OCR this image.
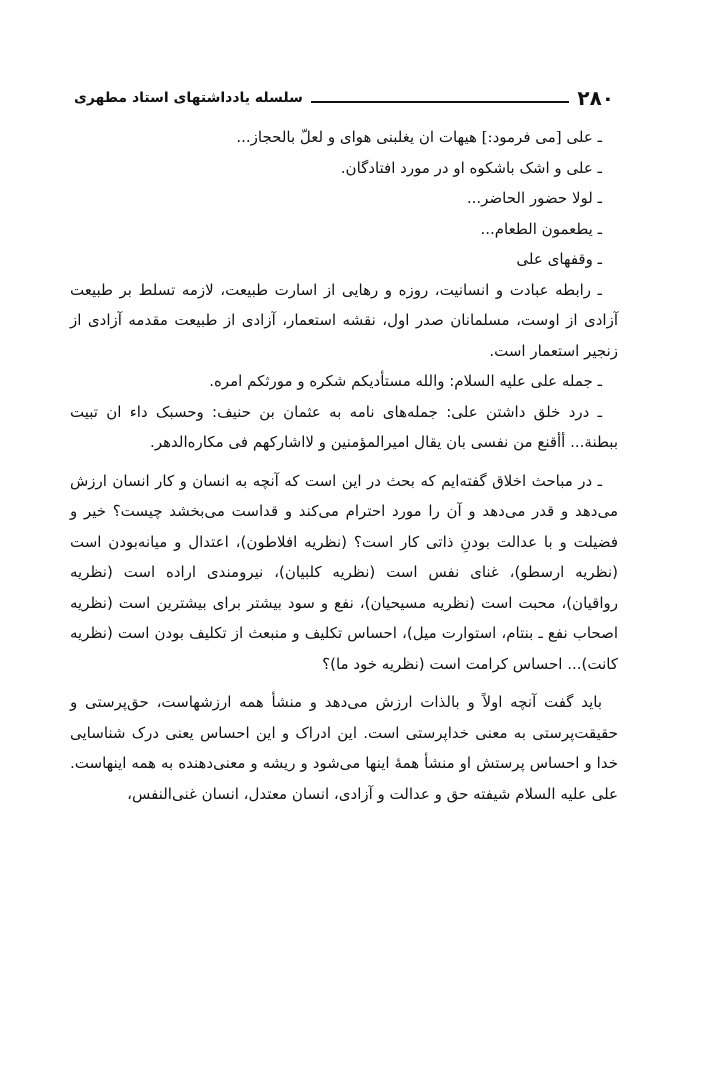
۲۸۰
سلسله یادداشتهای استاد مطهری
ـ علی [می فرمود:] هیهات ان یغلبنی هوای و لعلّ بالحجاز...
ـ علی و اشک باشکوه او در مورد افتادگان.
ـ لولا حضور الحاضر...
ـ یطعمون الطعام...
ـ وقفهای علی
ـ رابطه عبادت و انسانیت، روزه و رهایی از اسارت طبیعت، لازمه تسلط بر طبیعت آزادی از اوست، مسلمانان صدر اول، نقشه استعمار، آزادی از طبیعت مقدمه آزادی از زنجیر استعمار است.
ـ جمله علی علیه السلام: والله مستأدیکم شکره و مورثکم امره.
ـ درد خلق داشتن علی: جمله‌های نامه به عثمان بن حنیف: وحسبک داء ان تبیت ببطنة... أأقنع من نفسی بان یقال امیرالمؤمنین و لااشارکهم فی مکاره‌الدهر.

ـ در مباحث اخلاق گفته‌ایم که بحث در این است که آنچه به انسان و کار انسان ارزش می‌دهد و قدر می‌دهد و آن را مورد احترام می‌کند و قداست می‌بخشد چیست؟ خیر و فضیلت و با عدالت بودنِ ذاتی کار است؟ (نظریه افلاطون)، اعتدال و میانه‌بودن است (نظریه ارسطو)، غنای نفس است (نظریه کلبیان)، نیرومندی اراده است (نظریه رواقیان)، محبت است (نظریه مسیحیان)، نفع و سود بیشتر برای بیشترین است (نظریه اصحاب نفع ـ بنتام، استوارت میل)، احساس تکلیف و منبعث از تکلیف بودن است (نظریه کانت)... احساس کرامت است (نظریه خود ما)؟

باید گفت آنچه اولاً و بالذات ارزش می‌دهد و منشأ همه ارزشهاست، حق‌پرستی و حقیقت‌پرستی به معنی خداپرستی است. این ادراک و این احساس یعنی درک شناسایی خدا و احساس پرستش او منشأ همهٔ اینها می‌شود و ریشه و معنی‌دهنده به همه اینهاست. علی علیه السلام شیفته حق و عدالت و آزادی، انسان معتدل، انسان غنی‌النفس،
